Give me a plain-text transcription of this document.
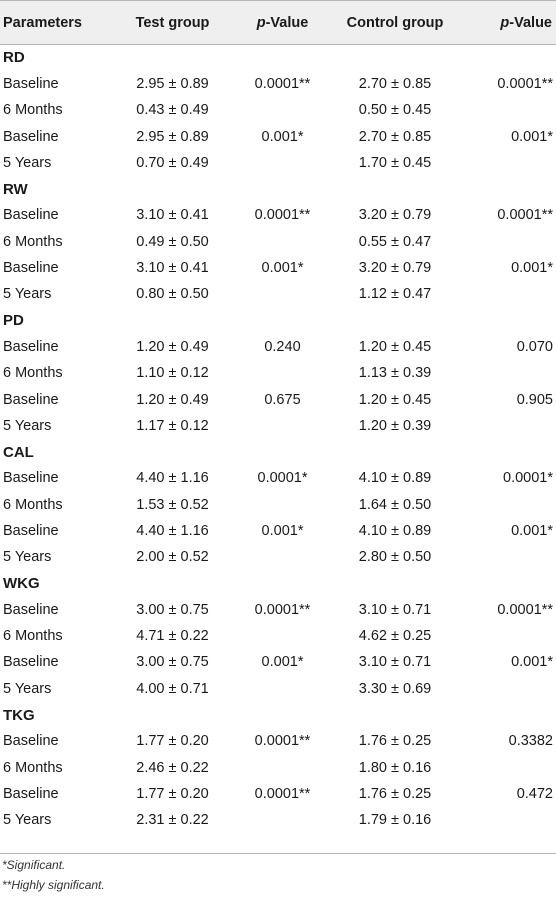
Parameters	Test group	p-Value	Control group	p-Value
RD				
Baseline	2.95 ± 0.89	0.0001**	2.70 ± 0.85	0.0001**
6 Months	0.43 ± 0.49		0.50 ± 0.45	
Baseline	2.95 ± 0.89	0.001*	2.70 ± 0.85	0.001*
5 Years	0.70 ± 0.49		1.70 ± 0.45	
RW				
Baseline	3.10 ± 0.41	0.0001**	3.20 ± 0.79	0.0001**
6 Months	0.49 ± 0.50		0.55 ± 0.47	
Baseline	3.10 ± 0.41	0.001*	3.20 ± 0.79	0.001*
5 Years	0.80 ± 0.50		1.12 ± 0.47	
PD				
Baseline	1.20 ± 0.49	0.240	1.20 ± 0.45	0.070
6 Months	1.10 ± 0.12		1.13 ± 0.39	
Baseline	1.20 ± 0.49	0.675	1.20 ± 0.45	0.905
5 Years	1.17 ± 0.12		1.20 ± 0.39	
CAL				
Baseline	4.40 ± 1.16	0.0001*	4.10 ± 0.89	0.0001*
6 Months	1.53 ± 0.52		1.64 ± 0.50	
Baseline	4.40 ± 1.16	0.001*	4.10 ± 0.89	0.001*
5 Years	2.00 ± 0.52		2.80 ± 0.50	
WKG				
Baseline	3.00 ± 0.75	0.0001**	3.10 ± 0.71	0.0001**
6 Months	4.71 ± 0.22		4.62 ± 0.25	
Baseline	3.00 ± 0.75	0.001*	3.10 ± 0.71	0.001*
5 Years	4.00 ± 0.71		3.30 ± 0.69	
TKG				
Baseline	1.77 ± 0.20	0.0001**	1.76 ± 0.25	0.3382
6 Months	2.46 ± 0.22		1.80 ± 0.16	
Baseline	1.77 ± 0.20	0.0001**	1.76 ± 0.25	0.472
5 Years	2.31 ± 0.22		1.79 ± 0.16	
*Significant.
**Highly significant.
